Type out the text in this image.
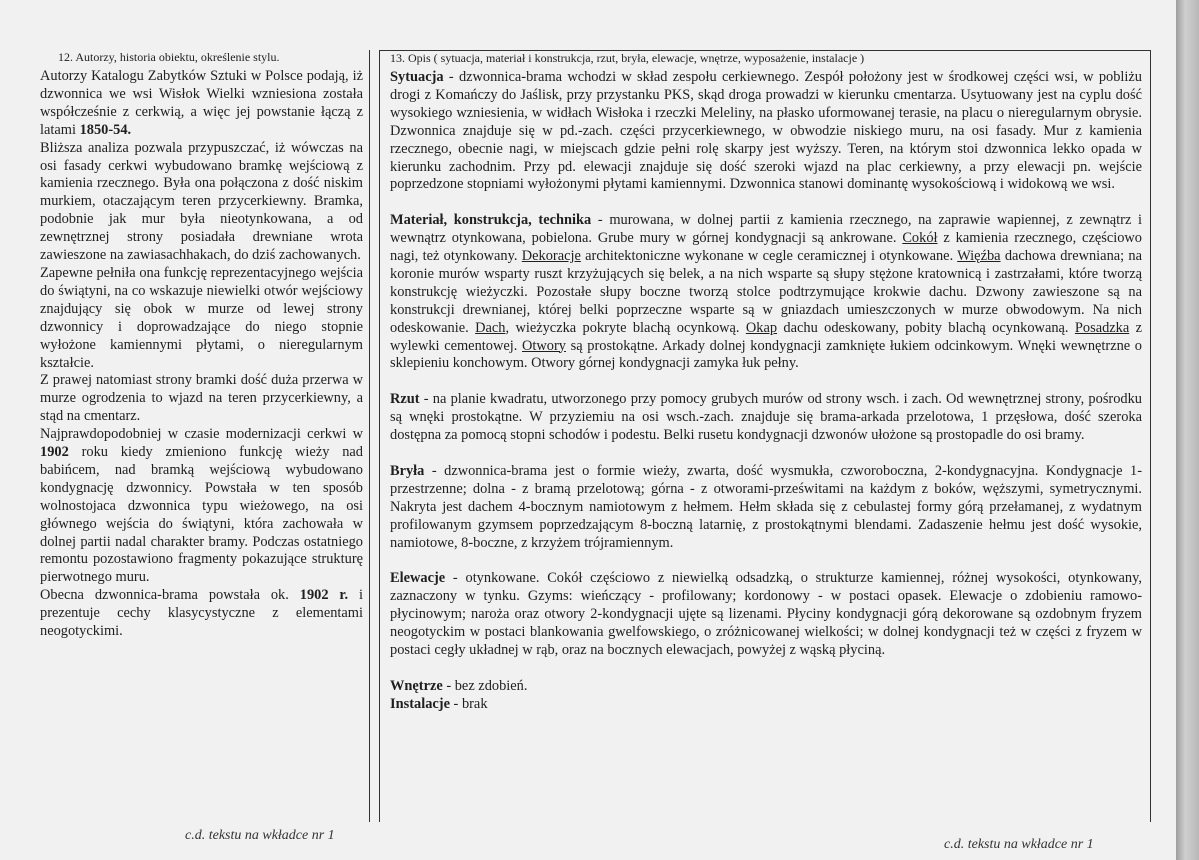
12. Autorzy, historia obiektu, określenie stylu.

Autorzy Katalogu Zabytków Sztuki w Polsce podają, iż dzwonnica we wsi Wisłok Wielki wzniesiona została współcześnie z cerkwią, a więc jej powstanie łączą z latami 1850-54.

Bliższa analiza pozwala przypuszczać, iż wówczas na osi fasady cerkwi wybudowano bramkę wejściową z kamienia rzecznego. Była ona połączona z dość niskim murkiem, otaczającym teren przycerkiewny. Bramka, podobnie jak mur była nieotynkowana, a od zewnętrznej strony posiadała drewniane wrota zawieszone na zawiasachhakach, do dziś zachowanych.

Zapewne pełniła ona funkcję reprezentacyjnego wejścia do świątyni, na co wskazuje niewielki otwór wejściowy znajdujący się obok w murze od lewej strony dzwonnicy i doprowadzające do niego stopnie wyłożone kamiennymi płytami, o nieregularnym kształcie.

Z prawej natomiast strony bramki dość duża przerwa w murze ogrodzenia to wjazd na teren przycerkiewny, a stąd na cmentarz.

Najprawdopodobniej w czasie modernizacji cerkwi w 1902 roku kiedy zmieniono funkcję wieży nad babińcem, nad bramką wejściową wybudowano kondygnację dzwonnicy. Powstała w ten sposób wolnostojaca dzwonnica typu wieżowego, na osi głównego wejścia do świątyni, która zachowała w dolnej partii nadal charakter bramy. Podczas ostatniego remontu pozostawiono fragmenty pokazujące strukturę pierwotnego muru.

Obecna dzwonnica-brama powstała ok. 1902 r. i prezentuje cechy klasycystyczne z elementami neogotyckimi.

13. Opis ( sytuacja, materiał i konstrukcja, rzut, bryła, elewacje, wnętrze, wyposażenie, instalacje )

Sytuacja - dzwonnica-brama wchodzi w skład zespołu cerkiewnego. Zespół położony jest w środkowej części wsi, w pobliżu drogi z Komańczy do Jaślisk, przy przystanku PKS, skąd droga prowadzi w kierunku cmentarza. Usytuowany jest na cyplu dość wysokiego wzniesienia, w widłach Wisłoka i rzeczki Meleliny, na płasko uformowanej terasie, na placu o nieregularnym obrysie. Dzwonnica znajduje się w pd.-zach. części przycerkiewnego, w obwodzie niskiego muru, na osi fasady. Mur z kamienia rzecznego, obecnie nagi, w miejscach gdzie pełni rolę skarpy jest wyższy. Teren, na którym stoi dzwonnica lekko opada w kierunku zachodnim. Przy pd. elewacji znajduje się dość szeroki wjazd na plac cerkiewny, a przy elewacji pn. wejście poprzedzone stopniami wyłożonymi płytami kamiennymi. Dzwonnica stanowi dominantę wysokościową i widokową we wsi.

Materiał, konstrukcja, technika - murowana, w dolnej partii z kamienia rzecznego, na zaprawie wapiennej, z zewnątrz i wewnątrz otynkowana, pobielona. Grube mury w górnej kondygnacji są ankrowane. Cokół z kamienia rzecznego, częściowo nagi, też otynkowany. Dekoracje architektoniczne wykonane w cegle ceramicznej i otynkowane. Więźba dachowa drewniana; na koronie murów wsparty ruszt krzyżujących się belek, a na nich wsparte są słupy stężone kratownicą i zastrzałami, które tworzą konstrukcję wieżyczki. Pozostałe słupy boczne tworzą stolce podtrzymujące krokwie dachu. Dzwony zawieszone są na konstrukcji drewnianej, której belki poprzeczne wsparte są w gniazdach umieszczonych w murze obwodowym. Na nich odeskowanie. Dach, wieżyczka pokryte blachą ocynkową. Okap dachu odeskowany, pobity blachą ocynkowaną. Posadzka z wylewki cementowej. Otwory są prostokątne. Arkady dolnej kondygnacji zamknięte łukiem odcinkowym. Wnęki wewnętrzne o sklepieniu konchowym. Otwory górnej kondygnacji zamyka łuk pełny.

Rzut - na planie kwadratu, utworzonego przy pomocy grubych murów od strony wsch. i zach. Od wewnętrznej strony, pośrodku są wnęki prostokątne. W przyziemiu na osi wsch.-zach. znajduje się brama-arkada przelotowa, 1 przęsłowa, dość szeroka dostępna za pomocą stopni schodów i podestu. Belki rusetu kondygnacji dzwonów ułożone są prostopadle do osi bramy.

Bryła - dzwonnica-brama jest o formie wieży, zwarta, dość wysmukła, czworoboczna, 2-kondygnacyjna. Kondygnacje 1-przestrzenne; dolna - z bramą przelotową; górna - z otworami-prześwitami na każdym z boków, węższymi, symetrycznymi. Nakryta jest dachem 4-bocznym namiotowym z hełmem. Hełm składa się z cebulastej formy górą przełamanej, z wydatnym profilowanym gzymsem poprzedzającym 8-boczną latarnię, z prostokątnymi blendami. Zadaszenie hełmu jest dość wysokie, namiotowe, 8-boczne, z krzyżem trójramiennym.

Elewacje - otynkowane. Cokół częściowo z niewielką odsadzką, o strukturze kamiennej, różnej wysokości, otynkowany, zaznaczony w tynku. Gzyms: wieńczący - profilowany; kordonowy - w postaci opasek. Elewacje o zdobieniu ramowo-płycinowym; naroża oraz otwory 2-kondygnacji ujęte są lizenami. Płyciny kondygnacji górą dekorowane są ozdobnym fryzem neogotyckim w postaci blankowania gwelfowskiego, o zróżnicowanej wielkości; w dolnej kondygnacji też w części z fryzem w postaci cegły układnej w rąb, oraz na bocznych elewacjach, powyżej z wąską płyciną.

Wnętrze - bez zdobień.

Instalacje - brak

c.d. tekstu na wkładce nr 1
c.d. tekstu na wkładce nr 1
